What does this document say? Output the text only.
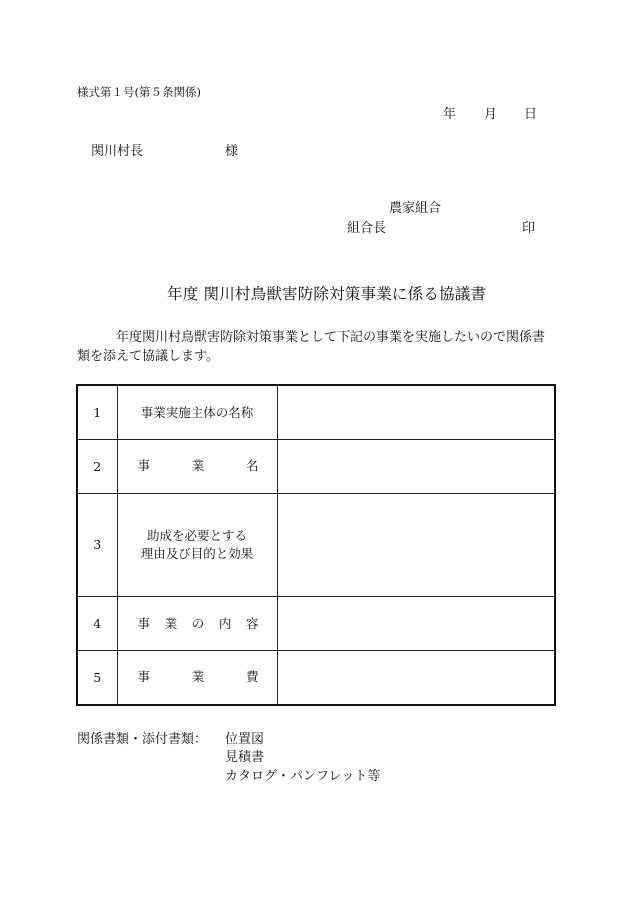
様式第１号(第５条関係)
年 月 日
関川村長	様
農家組合
組合長	印
年度 関川村鳥獣害防除対策事業に係る協議書
年度関川村鳥獣害防除対策事業として下記の事業を実施したいので関係書類を添えて協議します。
1	事業実施主体の名称	

2	事 業 名	

3	助成を必要とする
理由及び目的と効果	

4	事 業 の 内 容	

5	事 業 費	

関係書類・添付書類： 位置図
見積書
カタログ・パンフレット等
